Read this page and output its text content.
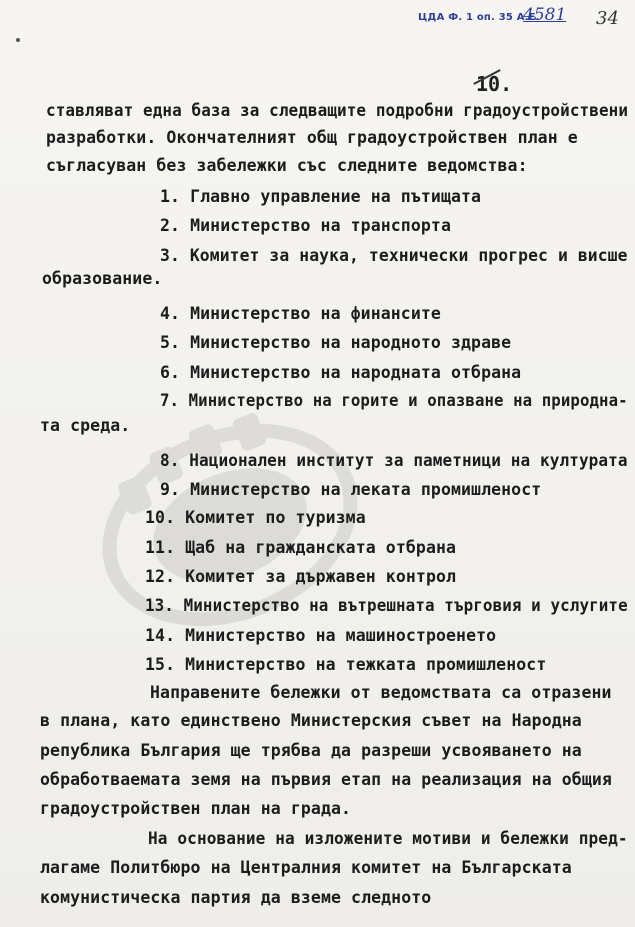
ЦДА Ф. 1 оп. 35 А.Е.
4581 34
10.
ставляват една база за следващите подробни градоустройствени
разработки. Окончателният общ градоустройствен план е
съгласуван без забележки със следните ведомства:
1. Главно управление на пътищата
2. Министерство на транспорта
3. Комитет за наука, технически прогрес и висше
образование.
4. Министерство на финансите
5. Министерство на народното здраве
6. Министерство на народната отбрана
7. Министерство на горите и опазване на природна-
та среда.
8. Национален институт за паметници на културата
9. Министерство на леката промишленост
10. Комитет по туризма
11. Щаб на гражданската отбрана
12. Комитет за държавен контрол
13. Министерство на вътрешната търговия и услугите
14. Министерство на машиностроенето
15. Министерство на тежката промишленост
Направените бележки от ведомствата са отразени
в плана, като единствено Министерския съвет на Народна
република България ще трябва да разреши усвояването на
обработваемата земя на първия етап на реализация на общия
градоустройствен план на града.
На основание на изложените мотиви и бележки пред-
лагаме Политбюро на Централния комитет на Българската
комунистическа партия да вземе следното
